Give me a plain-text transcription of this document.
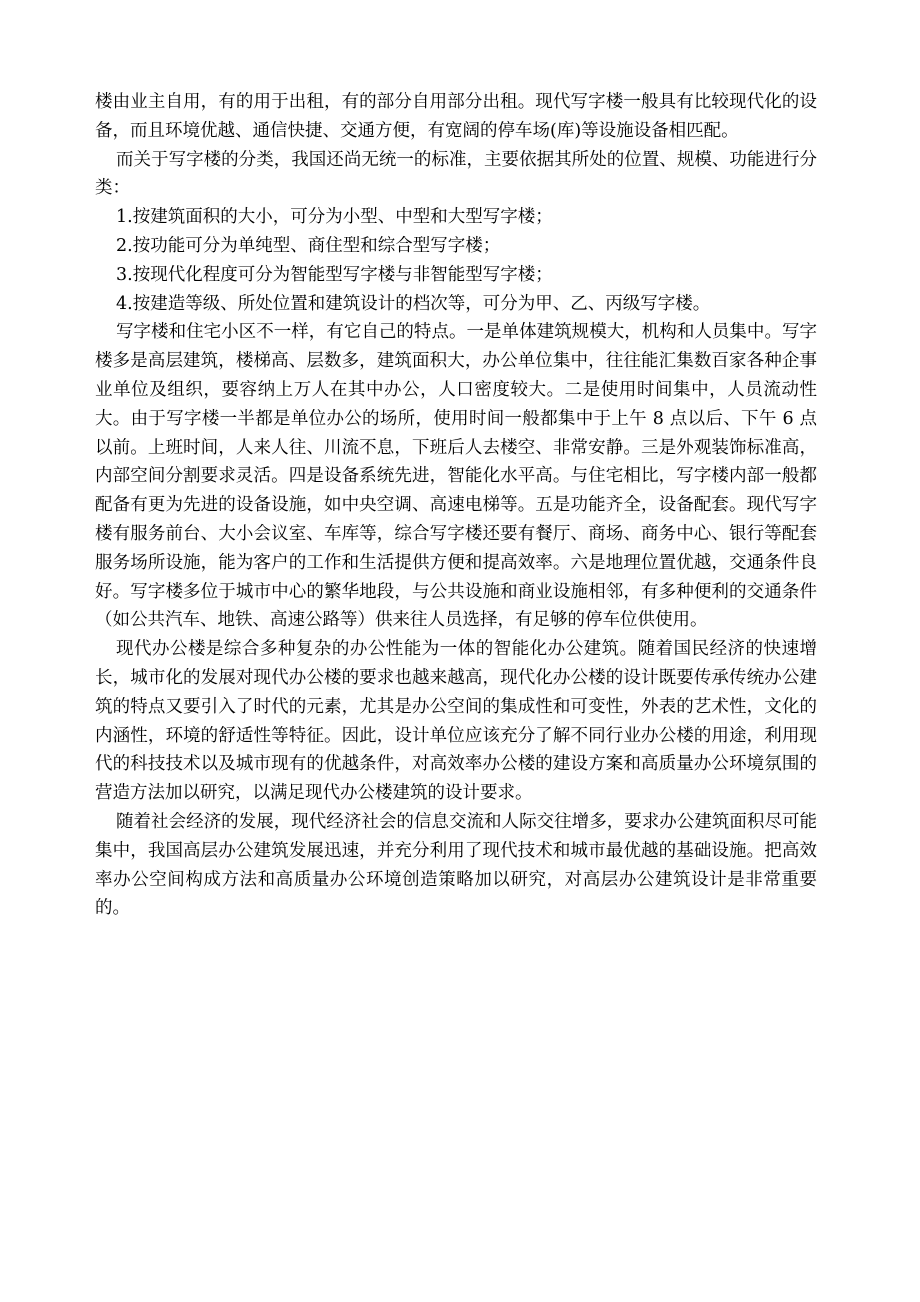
楼由业主自用，有的用于出租，有的部分自用部分出租。现代写字楼一般具有比较现代化的设备，而且环境优越、通信快捷、交通方便，有宽阔的停车场(库)等设施设备相匹配。

而关于写字楼的分类，我国还尚无统一的标准，主要依据其所处的位置、规模、功能进行分类：

1.按建筑面积的大小，可分为小型、中型和大型写字楼；

2.按功能可分为单纯型、商住型和综合型写字楼；

3.按现代化程度可分为智能型写字楼与非智能型写字楼；

4.按建造等级、所处位置和建筑设计的档次等，可分为甲、乙、丙级写字楼。

写字楼和住宅小区不一样，有它自己的特点。一是单体建筑规模大，机构和人员集中。写字楼多是高层建筑，楼梯高、层数多，建筑面积大，办公单位集中，往往能汇集数百家各种企事业单位及组织，要容纳上万人在其中办公，人口密度较大。二是使用时间集中，人员流动性大。由于写字楼一半都是单位办公的场所，使用时间一般都集中于上午 8 点以后、下午 6 点以前。上班时间，人来人往、川流不息，下班后人去楼空、非常安静。三是外观装饰标准高，内部空间分割要求灵活。四是设备系统先进，智能化水平高。与住宅相比，写字楼内部一般都配备有更为先进的设备设施，如中央空调、高速电梯等。五是功能齐全，设备配套。现代写字楼有服务前台、大小会议室、车库等，综合写字楼还要有餐厅、商场、商务中心、银行等配套服务场所设施，能为客户的工作和生活提供方便和提高效率。六是地理位置优越，交通条件良好。写字楼多位于城市中心的繁华地段，与公共设施和商业设施相邻，有多种便利的交通条件（如公共汽车、地铁、高速公路等）供来往人员选择，有足够的停车位供使用。

现代办公楼是综合多种复杂的办公性能为一体的智能化办公建筑。随着国民经济的快速增长，城市化的发展对现代办公楼的要求也越来越高，现代化办公楼的设计既要传承传统办公建筑的特点又要引入了时代的元素，尤其是办公空间的集成性和可变性，外表的艺术性，文化的内涵性，环境的舒适性等特征。因此，设计单位应该充分了解不同行业办公楼的用途，利用现代的科技技术以及城市现有的优越条件，对高效率办公楼的建设方案和高质量办公环境氛围的营造方法加以研究，以满足现代办公楼建筑的设计要求。

随着社会经济的发展，现代经济社会的信息交流和人际交往增多，要求办公建筑面积尽可能集中，我国高层办公建筑发展迅速，并充分利用了现代技术和城市最优越的基础设施。把高效率办公空间构成方法和高质量办公环境创造策略加以研究，对高层办公建筑设计是非常重要的。
